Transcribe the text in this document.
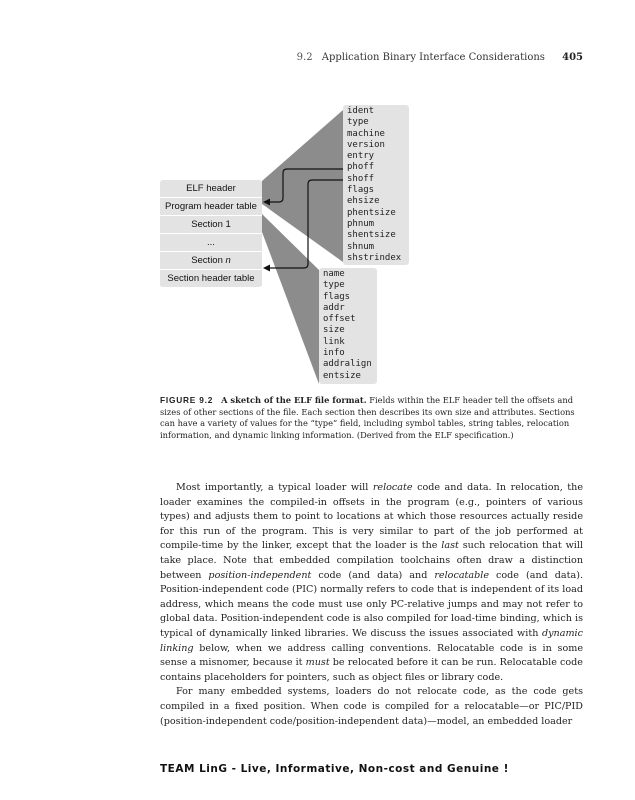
9.2 Application Binary Interface Considerations 405
ELF header
Program header table
Section 1
...
Section n
Section header table
ident
type
machine
version
entry
phoff
shoff
flags
ehsize
phentsize
phnum
shentsize
shnum
shstrindex
name
type
flags
addr
offset
size
link
info
addralign
entsize
FIGURE 9.2 A sketch of the ELF file format. Fields within the ELF header tell the offsets and sizes of other sections of the file. Each section then describes its own size and attributes. Sections can have a variety of values for the “type” field, including symbol tables, string tables, relocation information, and dynamic linking information. (Derived from the ELF specification.)

Most importantly, a typical loader will relocate code and data. In relocation, the loader examines the compiled-in offsets in the program (e.g., pointers of various types) and adjusts them to point to locations at which those resources actually reside for this run of the program. This is very similar to part of the job performed at compile-time by the linker, except that the loader is the last such relocation that will take place. Note that embedded compilation toolchains often draw a distinction between position-independent code (and data) and relocatable code (and data). Position-independent code (PIC) normally refers to code that is independent of its load address, which means the code must use only PC-relative jumps and may not refer to global data. Position-independent code is also compiled for load-time binding, which is typical of dynamically linked libraries. We discuss the issues associated with dynamic linking below, when we address calling conventions. Relocatable code is in some sense a misnomer, because it must be relocated before it can be run. Relocatable code contains placeholders for pointers, such as object files or library code.

For many embedded systems, loaders do not relocate code, as the code gets compiled in a fixed position. When code is compiled for a relocatable—or PIC/PID (position-independent code/position-independent data)—model, an embedded loader

TEAM LinG - Live, Informative, Non-cost and Genuine !
